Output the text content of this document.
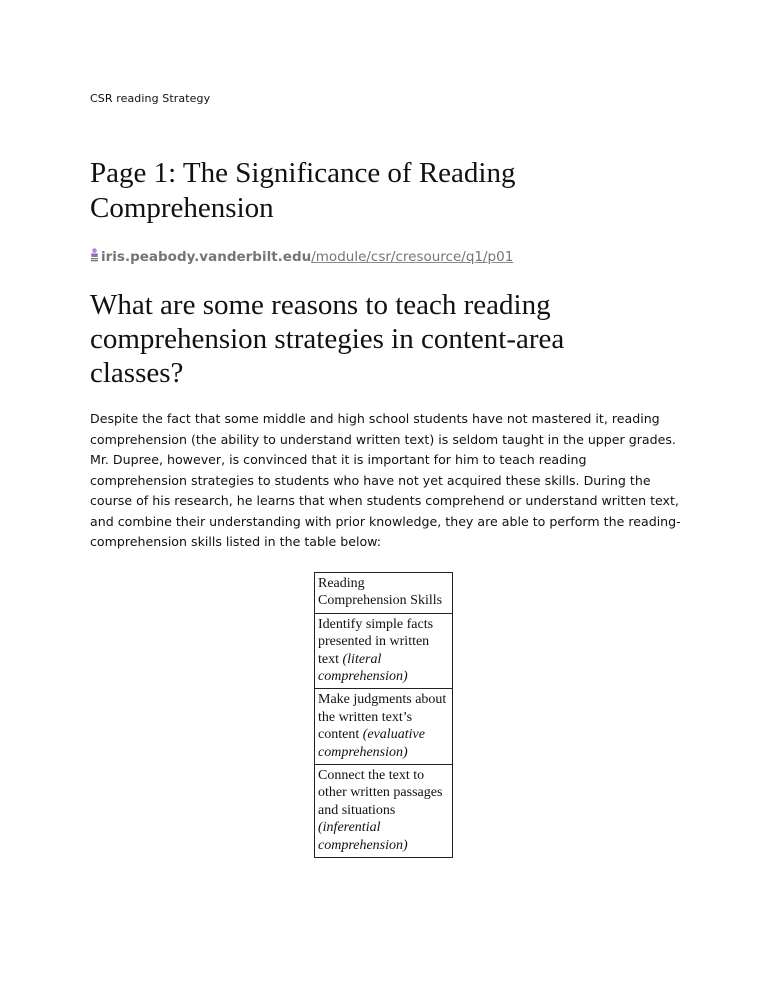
CSR reading Strategy
Page 1: The Significance of Reading Comprehension
iris.peabody.vanderbilt.edu/module/csr/cresource/q1/p01
What are some reasons to teach reading comprehension strategies in content-area classes?

Despite the fact that some middle and high school students have not mastered it, reading comprehension (the ability to understand written text) is seldom taught in the upper grades. Mr. Dupree, however, is convinced that it is important for him to teach reading comprehension strategies to students who have not yet acquired these skills. During the course of his research, he learns that when students comprehend or understand written text, and combine their understanding with prior knowledge, they are able to perform the reading-comprehension skills listed in the table below:

Reading Comprehension Skills
Identify simple facts presented in written text (literal comprehension)
Make judgments about the written text’s content (evaluative comprehension)
Connect the text to other written passages and situations (inferential comprehension)
